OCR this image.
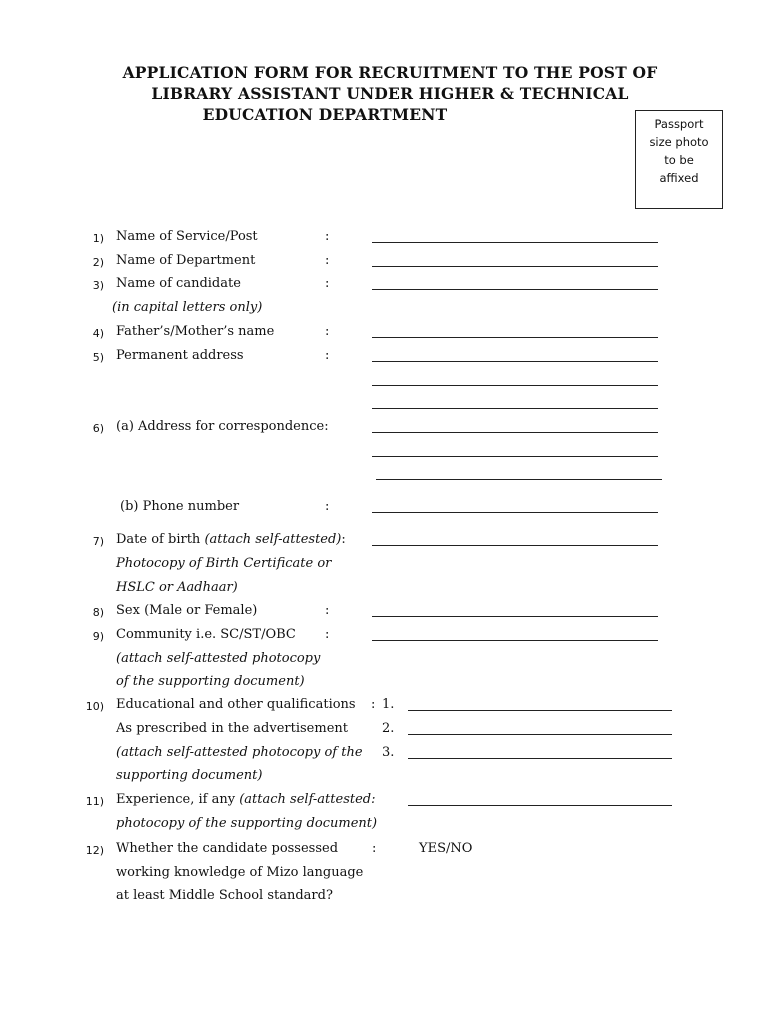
APPLICATION FORM FOR RECRUITMENT TO THE POST OF
LIBRARY ASSISTANT UNDER HIGHER & TECHNICAL
EDUCATION DEPARTMENT	Passport
size photo
to be
affixed
1) Name of Service/Post	:
2) Name of Department	:
3) Name of candidate	:
(in capital letters only)
4) Father’s/Mother’s name	:
5) Permanent address	:
6) (a) Address for correspondence:
(b) Phone number	:
7) Date of birth (attach self-attested):
Photocopy of Birth Certificate or
HSLC or Aadhaar)
8) Sex (Male or Female)	:
9) Community i.e. SC/ST/OBC :
(attach self-attested photocopy
of the supporting document)
10) Educational and other qualifications : 1.
As prescribed in the advertisement	2.
(attach self-attested photocopy of the 3.
supporting document)
11) Experience, if any (attach self-attested:
photocopy of the supporting document)
12) Whether the candidate possessed	:	YES/NO
working knowledge of Mizo language
at least Middle School standard?
